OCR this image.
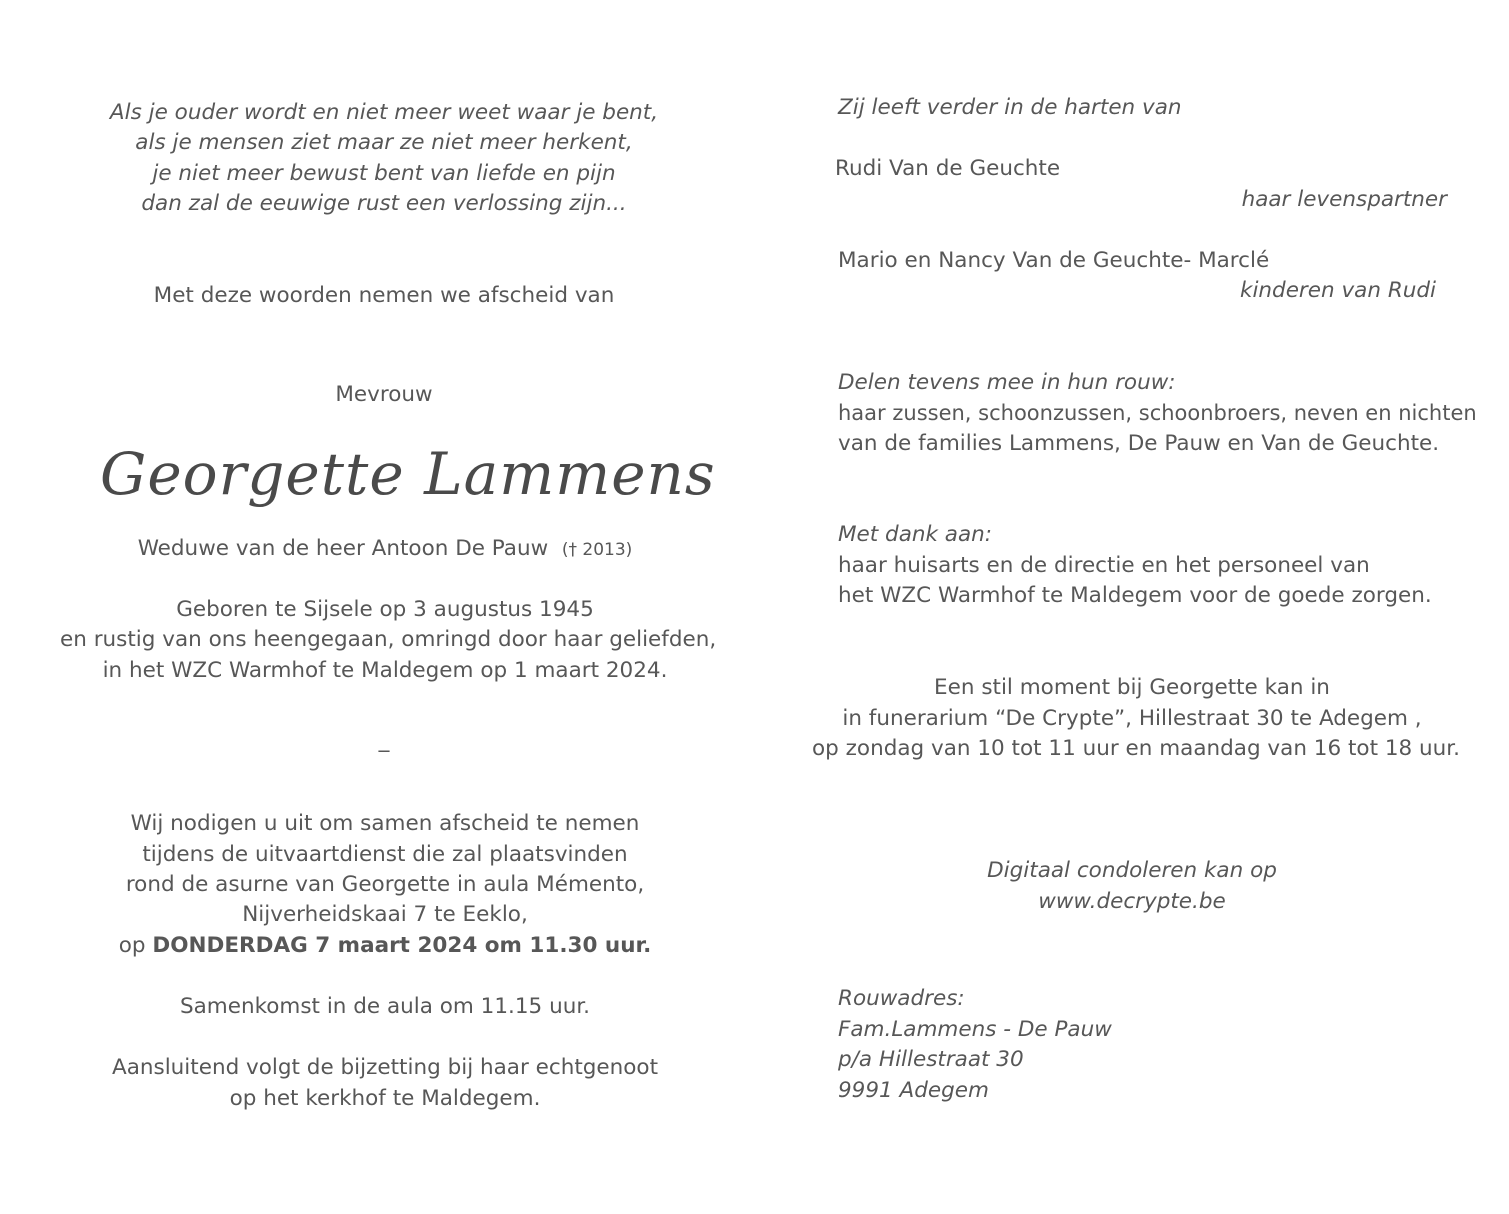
Als je ouder wordt en niet meer weet waar je bent,
als je mensen ziet maar ze niet meer herkent,
je niet meer bewust bent van liefde en pijn
dan zal de eeuwige rust een verlossing zijn...
Met deze woorden nemen we afscheid van
Mevrouw
Georgette Lammens
Weduwe van de heer Antoon De Pauw († 2013)
Geboren te Sijsele op 3 augustus 1945
en rustig van ons heengegaan, omringd door haar geliefden,
in het WZC Warmhof te Maldegem op 1 maart 2024.
_
Wij nodigen u uit om samen afscheid te nemen
tijdens de uitvaartdienst die zal plaatsvinden
rond de asurne van Georgette in aula Mémento,
Nijverheidskaai 7 te Eeklo,
op DONDERDAG 7 maart 2024 om 11.30 uur.
Samenkomst in de aula om 11.15 uur.
Aansluitend volgt de bijzetting bij haar echtgenoot
op het kerkhof te Maldegem.
Zij leeft verder in de harten van
Rudi Van de Geuchte
haar levenspartner
Mario en Nancy Van de Geuchte- Marclé
kinderen van Rudi
Delen tevens mee in hun rouw:
haar zussen, schoonzussen, schoonbroers, neven en nichten
van de families Lammens, De Pauw en Van de Geuchte.
Met dank aan:
haar huisarts en de directie en het personeel van
het WZC Warmhof te Maldegem voor de goede zorgen.
Een stil moment bij Georgette kan in
in funerarium “De Crypte”, Hillestraat 30 te Adegem ,
op zondag van 10 tot 11 uur en maandag van 16 tot 18 uur.
Digitaal condoleren kan op
www.decrypte.be
Rouwadres:
Fam.Lammens - De Pauw
p/a Hillestraat 30
9991 Adegem
